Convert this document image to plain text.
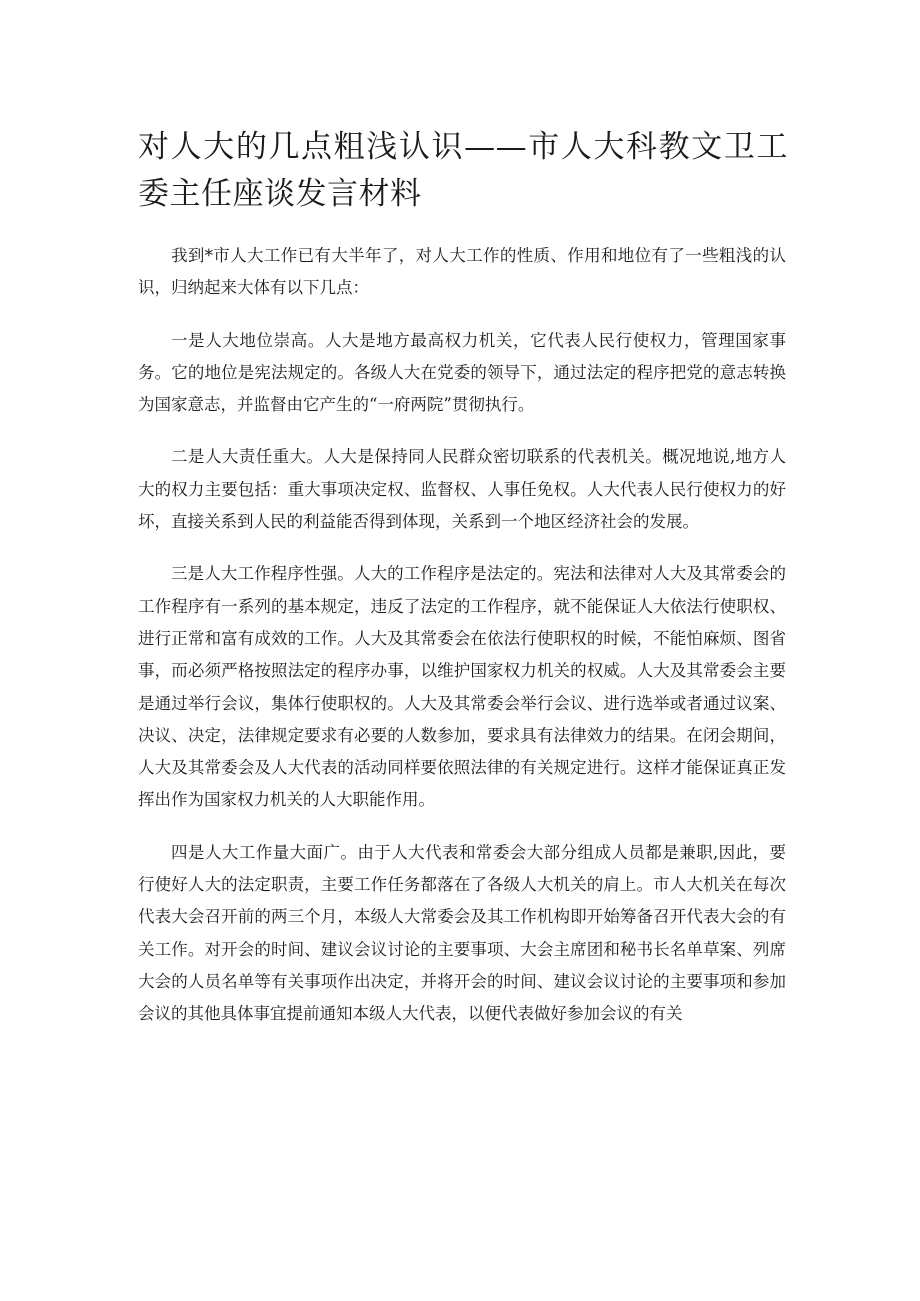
对人大的几点粗浅认识——市人大科教文卫工委主任座谈发言材料

我到*市人大工作已有大半年了，对人大工作的性质、作用和地位有了一些粗浅的认识，归纳起来大体有以下几点：

一是人大地位崇高。人大是地方最高权力机关，它代表人民行使权力，管理国家事务。它的地位是宪法规定的。各级人大在党委的领导下，通过法定的程序把党的意志转换为国家意志，并监督由它产生的“一府两院”贯彻执行。

二是人大责任重大。人大是保持同人民群众密切联系的代表机关。概况地说,地方人大的权力主要包括：重大事项决定权、监督权、人事任免权。人大代表人民行使权力的好坏，直接关系到人民的利益能否得到体现，关系到一个地区经济社会的发展。

三是人大工作程序性强。人大的工作程序是法定的。宪法和法律对人大及其常委会的工作程序有一系列的基本规定，违反了法定的工作程序，就不能保证人大依法行使职权、进行正常和富有成效的工作。人大及其常委会在依法行使职权的时候，不能怕麻烦、图省事，而必须严格按照法定的程序办事，以维护国家权力机关的权威。人大及其常委会主要是通过举行会议，集体行使职权的。人大及其常委会举行会议、进行选举或者通过议案、决议、决定，法律规定要求有必要的人数参加，要求具有法律效力的结果。在闭会期间，人大及其常委会及人大代表的活动同样要依照法律的有关规定进行。这样才能保证真正发挥出作为国家权力机关的人大职能作用。

四是人大工作量大面广。由于人大代表和常委会大部分组成人员都是兼职,因此，要行使好人大的法定职责，主要工作任务都落在了各级人大机关的肩上。市人大机关在每次代表大会召开前的两三个月，本级人大常委会及其工作机构即开始筹备召开代表大会的有关工作。对开会的时间、建议会议讨论的主要事项、大会主席团和秘书长名单草案、列席大会的人员名单等有关事项作出决定，并将开会的时间、建议会议讨论的主要事项和参加会议的其他具体事宜提前通知本级人大代表，以便代表做好参加会议的有关
